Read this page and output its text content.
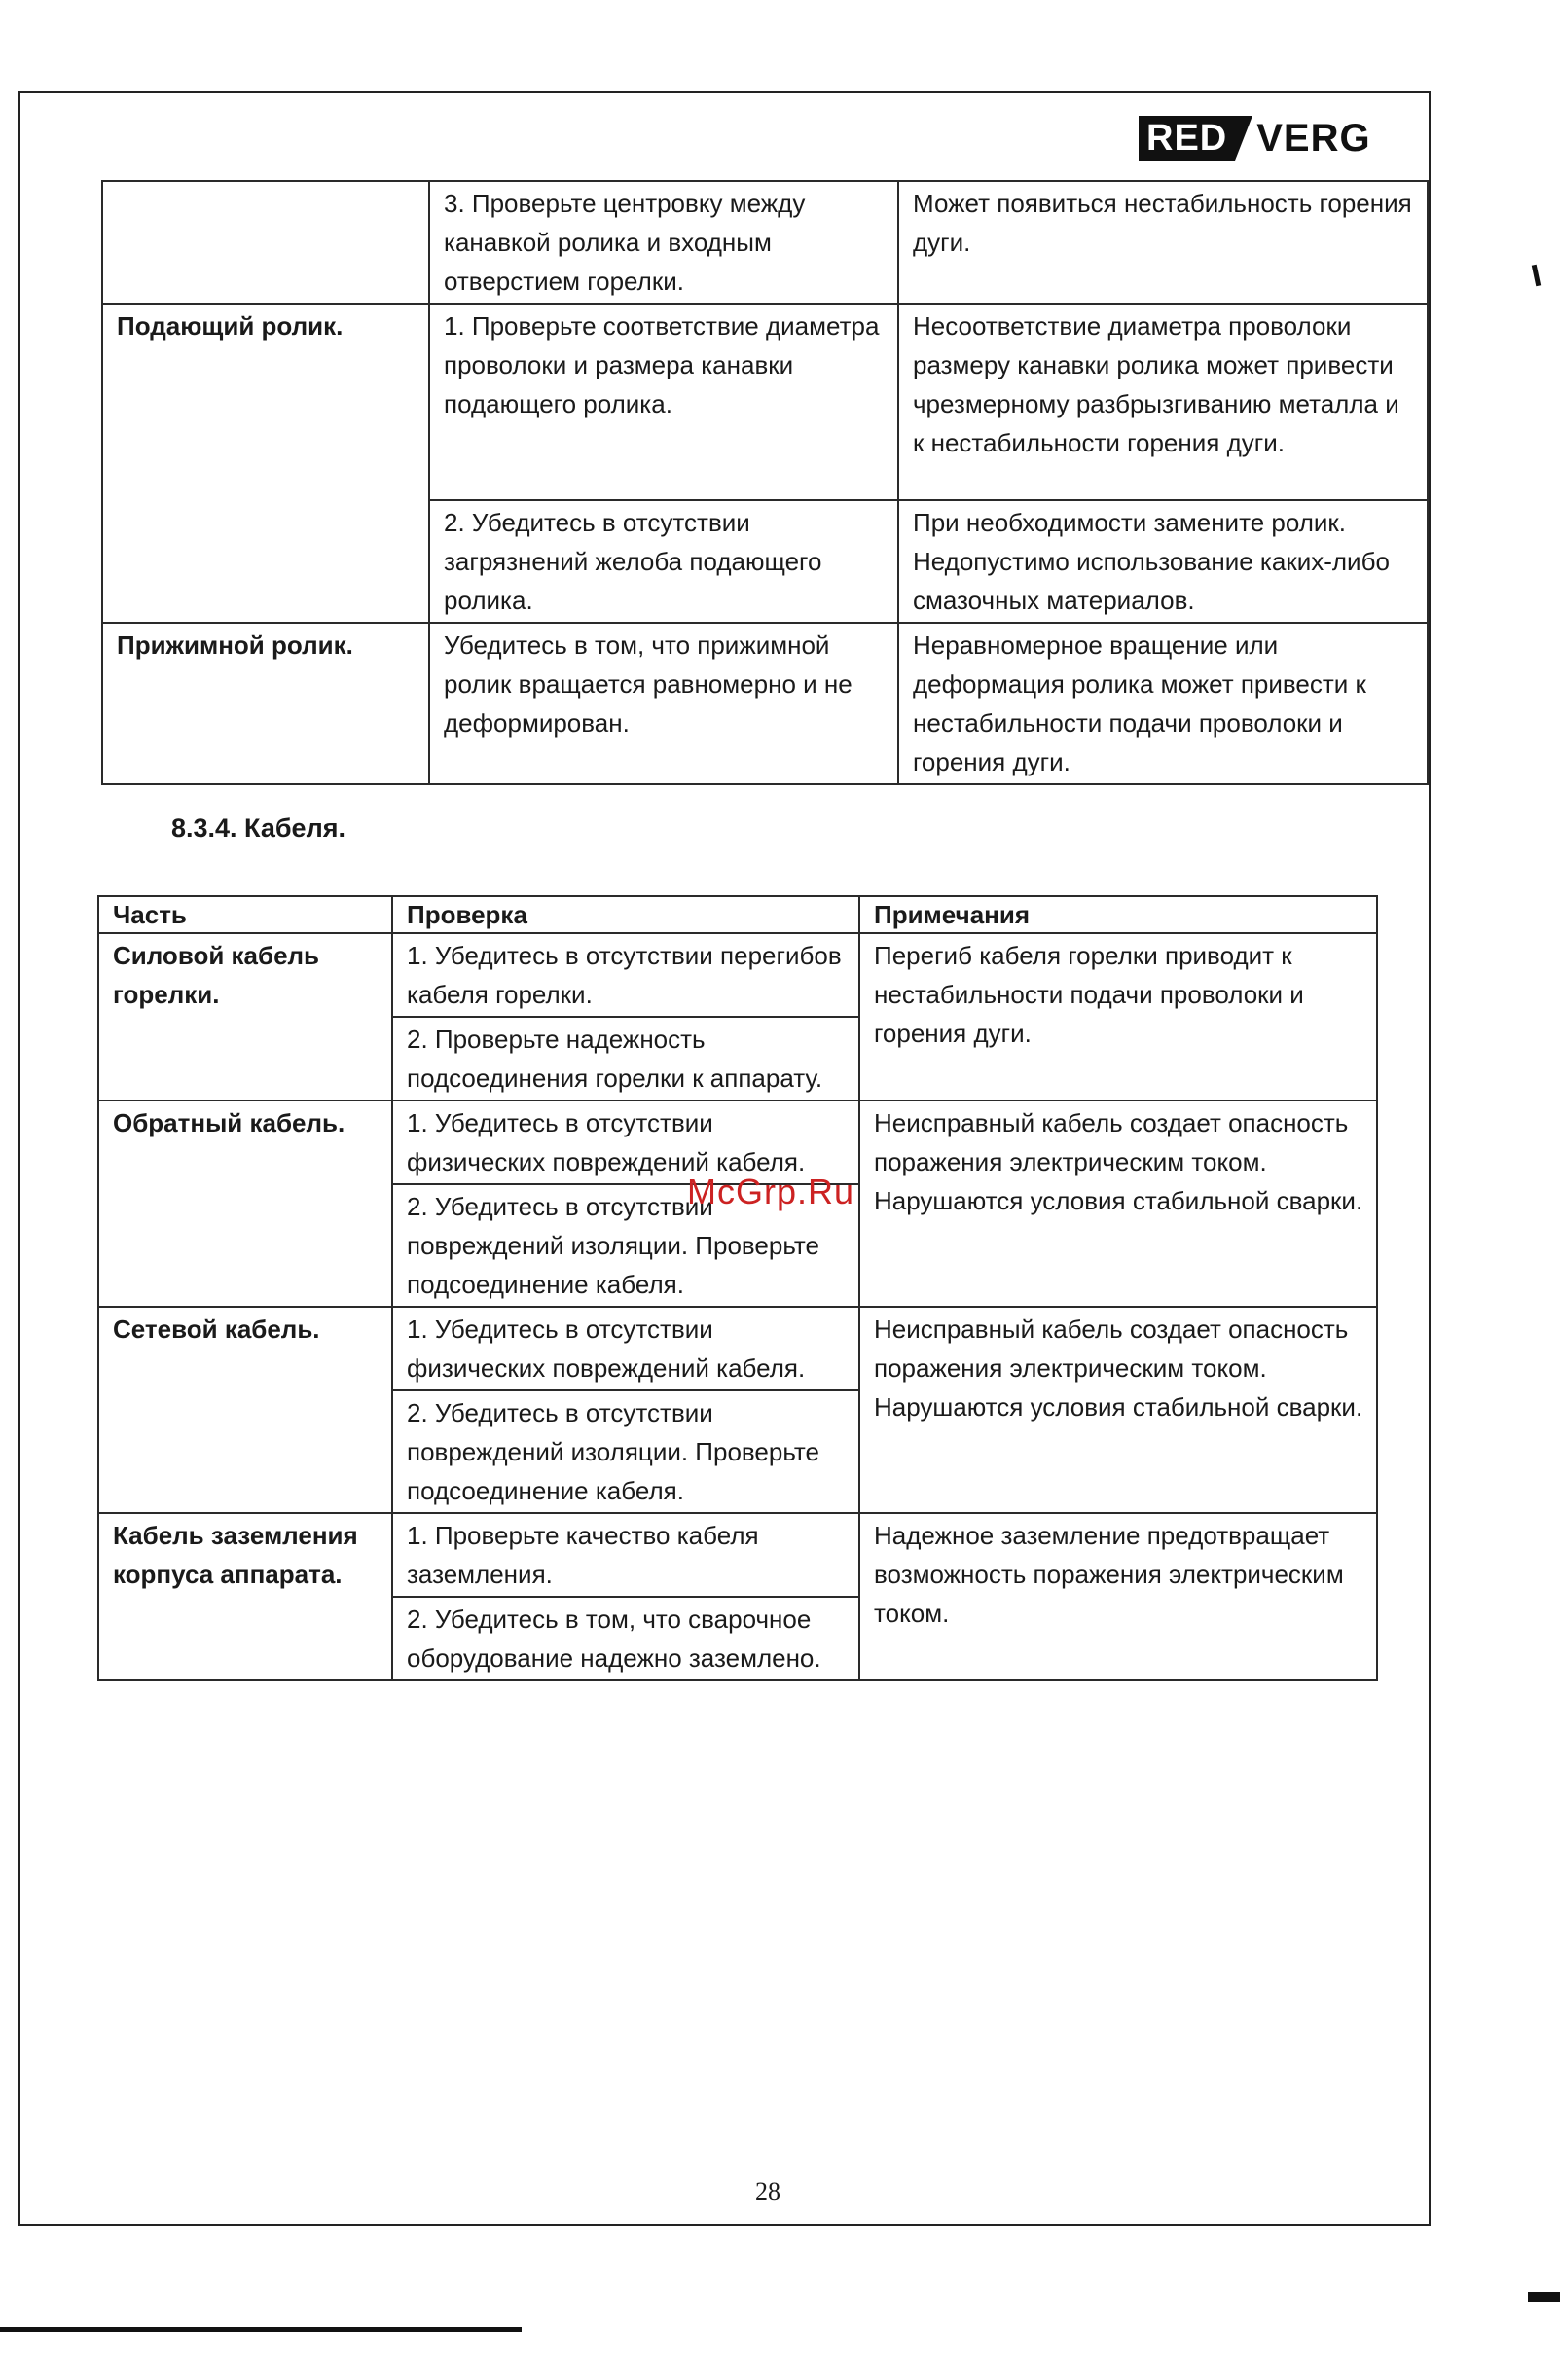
RED VERG
	3. Проверьте центровку между канавкой ролика и входным отверстием горелки.	Может появиться нестабильность горения дуги.
Подающий ролик.	1. Проверьте соответствие диаметра проволоки и размера канавки подающего ролика.	Несоответствие диаметра проволоки размеру канавки ролика может привести чрезмерному разбрызгиванию металла и к нестабильности горения дуги.
	2. Убедитесь в отсутствии загрязнений желоба подающего ролика.	При необходимости замените ролик. Недопустимо использование каких-либо смазочных материалов.
Прижимной ролик.	Убедитесь в том, что прижимной ролик вращается равномерно и не деформирован.	Неравномерное вращение или деформация ролика может привести к нестабильности подачи проволоки и горения дуги.
8.3.4. Кабеля.
Часть	Проверка	Примечания
Силовой кабель горелки.	1. Убедитесь в отсутствии перегибов кабеля горелки.	Перегиб кабеля горелки приводит к нестабильности подачи проволоки и горения дуги.
	2. Проверьте надежность подсоединения горелки к аппарату.	
Обратный кабель.	1. Убедитесь в отсутствии физических повреждений кабеля.	Неисправный кабель создает опасность поражения электрическим током. Нарушаются условия стабильной сварки.
	2. Убедитесь в отсутствии повреждений изоляции. Проверьте подсоединение кабеля.	
Сетевой кабель.	1. Убедитесь в отсутствии физических повреждений кабеля.	Неисправный кабель создает опасность поражения электрическим током. Нарушаются условия стабильной сварки.
	2. Убедитесь в отсутствии повреждений изоляции. Проверьте подсоединение кабеля.	
Кабель заземления корпуса аппарата.	1. Проверьте качество кабеля заземления.	Надежное заземление предотвращает возможность поражения электрическим током.
	2. Убедитесь в том, что сварочное оборудование надежно заземлено.	
McGrp.Ru
28
